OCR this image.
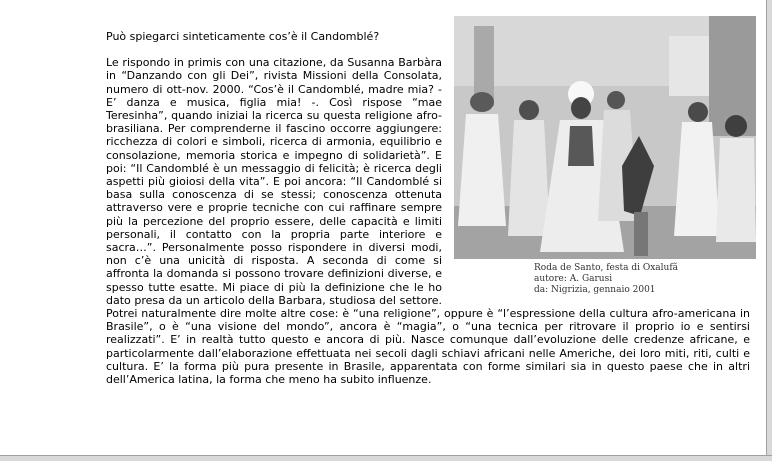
Roda de Santo, festa di Oxalufã
autore: A. Garusi
da: Nigrizia, gennaio 2001

Può spiegarci sinteticamente cos’è il Candomblé?

Le rispondo in primis con una citazione, da Susanna Barbàra in “Danzando con gli Dei”, rivista Missioni della Consolata, numero di ott-nov. 2000. “Cos’è il Candomblé, madre mia? - E’ danza e musica, figlia mia! -. Così rispose “mae Teresinha”, quando iniziai la ricerca su questa religione afro-brasiliana. Per comprenderne il fascino occorre aggiungere: ricchezza di colori e simboli, ricerca di armonia, equilibrio e consolazione, memoria storica e impegno di solidarietà”. E poi: “Il Candomblé è un messaggio di felicità; è ricerca degli aspetti più gioiosi della vita”. E poi ancora: “Il Candomblé si basa sulla conoscenza di se stessi; conoscenza ottenuta attraverso vere e proprie tecniche con cui raffinare sempre più la percezione del proprio essere, delle capacità e limiti personali, il contatto con la propria parte interiore e sacra…”. Personalmente posso rispondere in diversi modi, non c’è una unicità di risposta. A seconda di come si affronta la domanda si possono trovare definizioni diverse, e spesso tutte esatte. Mi piace di più la definizione che le ho dato presa da un articolo della Barbara, studiosa del settore. Potrei naturalmente dire molte altre cose: è “una religione”, oppure è “l’espressione della cultura afro-americana in Brasile”, o è “una visione del mondo”, ancora è “magia”, o “una tecnica per ritrovare il proprio io e sentirsi realizzati”. E’ in realtà tutto questo e ancora di più. Nasce comunque dall’evoluzione delle credenze africane, e particolarmente dall’elaborazione effettuata nei secoli dagli schiavi africani nelle Americhe, dei loro miti, riti, culti e cultura. E’ la forma più pura presente in Brasile, apparentata con forme similari sia in questo paese che in altri dell’America latina, la forma che meno ha subito influenze.
